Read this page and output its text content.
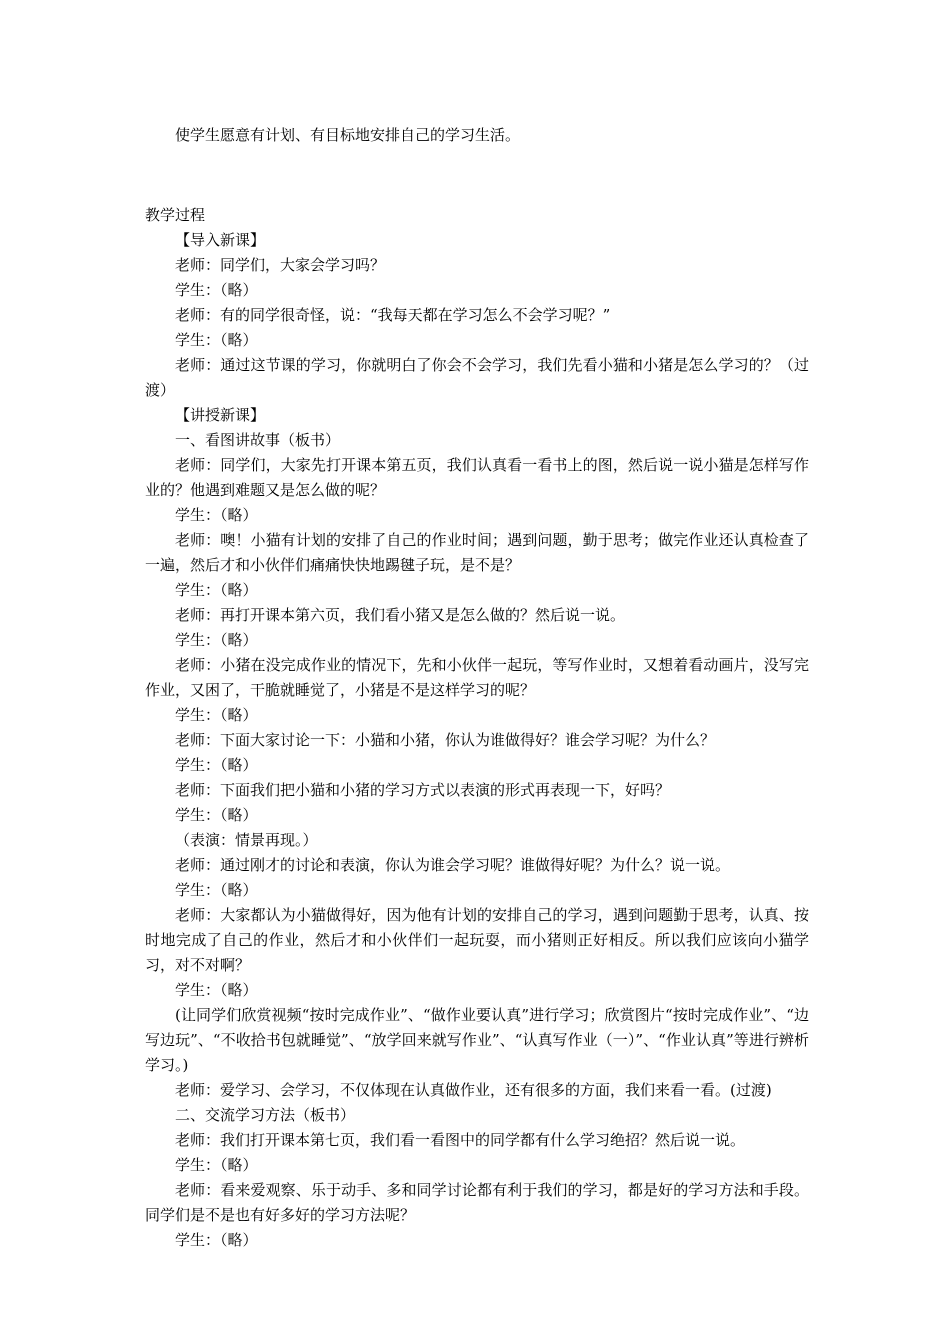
使学生愿意有计划、有目标地安排自己的学习生活。

教学过程

【导入新课】

老师：同学们，大家会学习吗？

学生：（略）

老师：有的同学很奇怪，说：“我每天都在学习怎么不会学习呢？”

学生：（略）

老师：通过这节课的学习，你就明白了你会不会学习，我们先看小猫和小猪是怎么学习的？（过渡）

【讲授新课】

一、看图讲故事（板书）

老师：同学们，大家先打开课本第五页，我们认真看一看书上的图，然后说一说小猫是怎样写作业的？他遇到难题又是怎么做的呢？

学生：（略）

老师：噢！小猫有计划的安排了自己的作业时间；遇到问题，勤于思考；做完作业还认真检查了一遍，然后才和小伙伴们痛痛快快地踢毽子玩，是不是？

学生：（略）

老师：再打开课本第六页，我们看小猪又是怎么做的？然后说一说。

学生：（略）

老师：小猪在没完成作业的情况下，先和小伙伴一起玩，等写作业时，又想着看动画片，没写完作业，又困了，干脆就睡觉了，小猪是不是这样学习的呢？

学生：（略）

老师：下面大家讨论一下：小猫和小猪，你认为谁做得好？谁会学习呢？为什么？

学生：（略）

老师：下面我们把小猫和小猪的学习方式以表演的形式再表现一下，好吗？

学生：（略）

（表演：情景再现。）

老师：通过刚才的讨论和表演，你认为谁会学习呢？谁做得好呢？为什么？说一说。

学生：（略）

老师：大家都认为小猫做得好，因为他有计划的安排自己的学习，遇到问题勤于思考，认真、按时地完成了自己的作业，然后才和小伙伴们一起玩耍，而小猪则正好相反。所以我们应该向小猫学习，对不对啊？

学生：（略）

(让同学们欣赏视频“按时完成作业”、“做作业要认真”进行学习；欣赏图片“按时完成作业”、“边写边玩”、“不收拾书包就睡觉”、“放学回来就写作业”、“认真写作业（一）”、“作业认真”等进行辨析学习。)

老师：爱学习、会学习，不仅体现在认真做作业，还有很多的方面，我们来看一看。(过渡)

二、交流学习方法（板书）

老师：我们打开课本第七页，我们看一看图中的同学都有什么学习绝招？然后说一说。

学生：（略）

老师：看来爱观察、乐于动手、多和同学讨论都有利于我们的学习，都是好的学习方法和手段。同学们是不是也有好多好的学习方法呢？

学生：（略）
